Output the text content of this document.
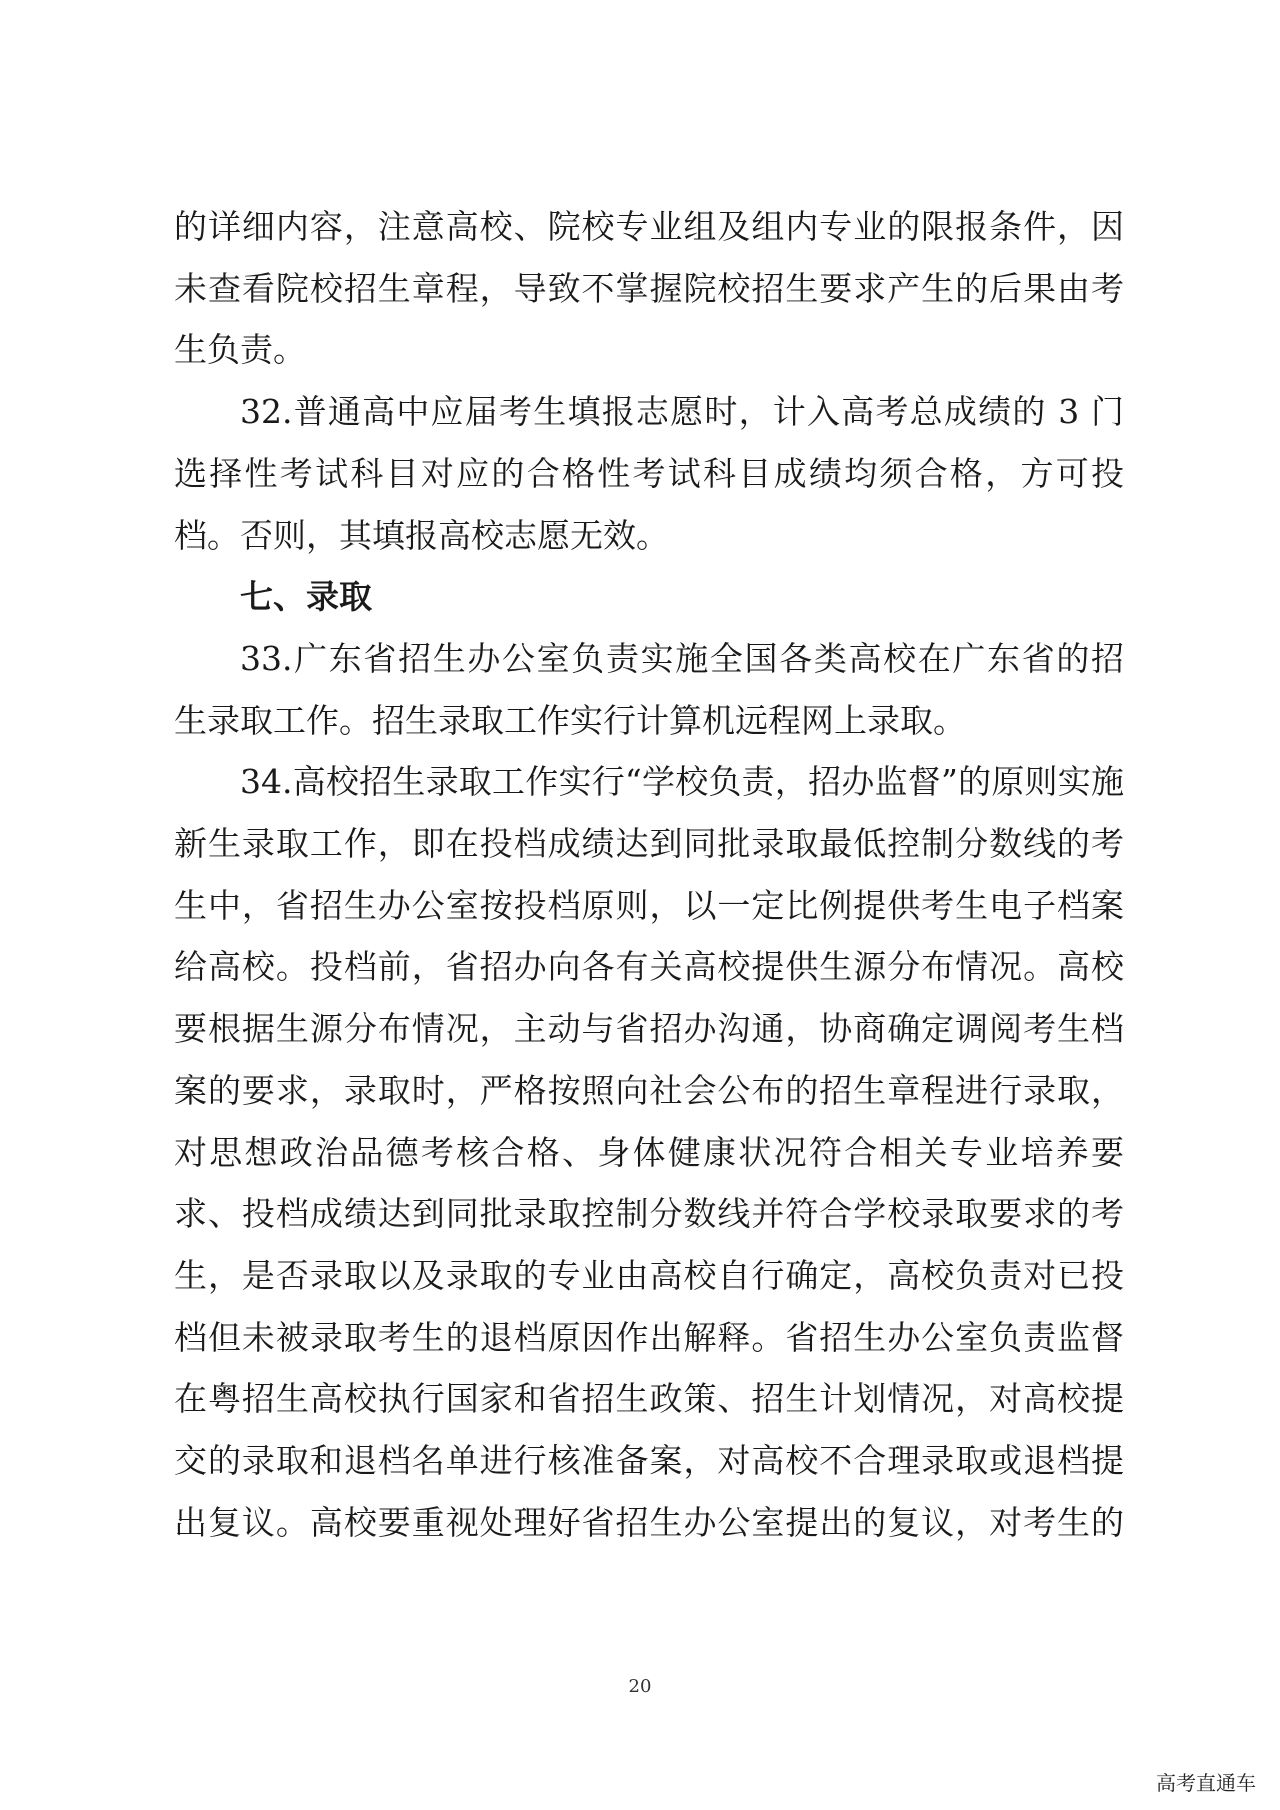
的详细内容，注意高校、院校专业组及组内专业的限报条件，因
未查看院校招生章程，导致不掌握院校招生要求产生的后果由考
生负责。
32.普通高中应届考生填报志愿时，计入高考总成绩的 3 门
选择性考试科目对应的合格性考试科目成绩均须合格，方可投
档。否则，其填报高校志愿无效。
七、录取
33.广东省招生办公室负责实施全国各类高校在广东省的招
生录取工作。招生录取工作实行计算机远程网上录取。
34.高校招生录取工作实行“学校负责，招办监督”的原则实施
新生录取工作，即在投档成绩达到同批录取最低控制分数线的考
生中，省招生办公室按投档原则，以一定比例提供考生电子档案
给高校。投档前，省招办向各有关高校提供生源分布情况。高校
要根据生源分布情况，主动与省招办沟通，协商确定调阅考生档
案的要求，录取时，严格按照向社会公布的招生章程进行录取，
对思想政治品德考核合格、身体健康状况符合相关专业培养要
求、投档成绩达到同批录取控制分数线并符合学校录取要求的考
生，是否录取以及录取的专业由高校自行确定，高校负责对已投
档但未被录取考生的退档原因作出解释。省招生办公室负责监督
在粤招生高校执行国家和省招生政策、招生计划情况，对高校提
交的录取和退档名单进行核准备案，对高校不合理录取或退档提
出复议。高校要重视处理好省招生办公室提出的复议，对考生的
20
高考直通车
